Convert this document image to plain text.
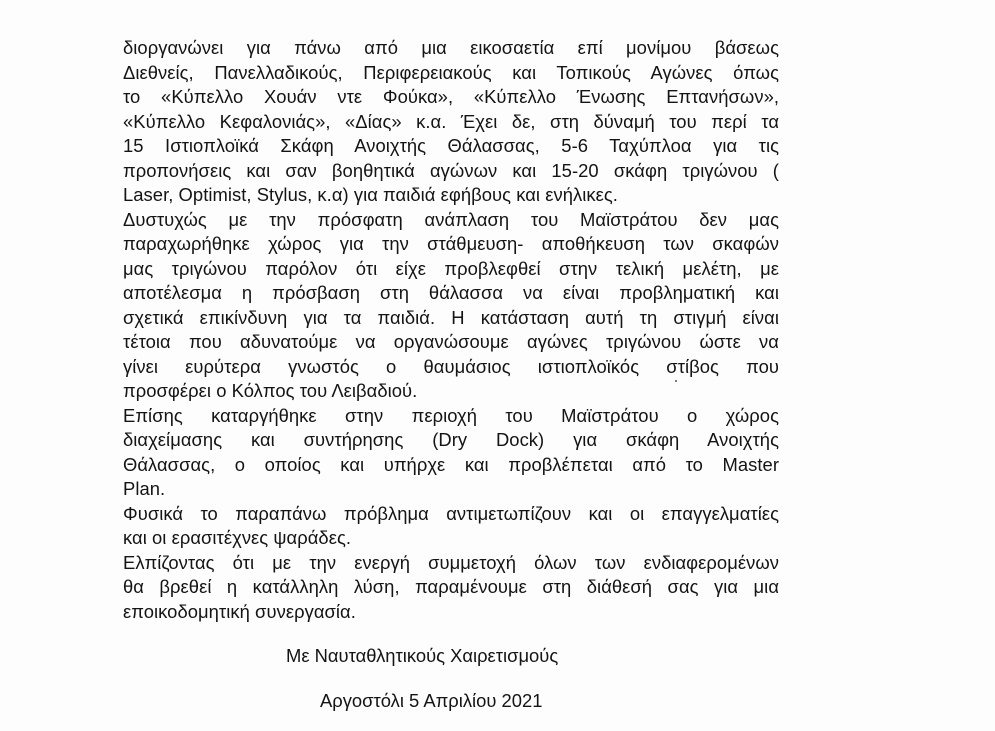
διοργανώνει για πάνω από μια εικοσαετία επί μονίμου βάσεως
Διεθνείς, Πανελλαδικούς, Περιφερειακούς και Τοπικούς Αγώνες όπως
το «Κύπελλο Χουάν ντε Φούκα», «Κύπελλο Ένωσης Επτανήσων»,
«Κύπελλο Κεφαλονιάς», «Δίας» κ.α. Έχει δε, στη δύναμή του περί τα
15 Ιστιοπλοϊκά Σκάφη Ανοιχτής Θάλασσας, 5-6 Ταχύπλοα για τις
προπονήσεις και σαν βοηθητικά αγώνων και 15-20 σκάφη τριγώνου (
Laser, Optimist, Stylus, κ.α) για παιδιά εφήβους και ενήλικες.
Δυστυχώς με την πρόσφατη ανάπλαση του Μαϊστράτου δεν μας
παραχωρήθηκε χώρος για την στάθμευση- αποθήκευση των σκαφών
μας τριγώνου παρόλον ότι είχε προβλεφθεί στην τελική μελέτη, με
αποτέλεσμα η πρόσβαση στη θάλασσα να είναι προβληματική και
σχετικά επικίνδυνη για τα παιδιά. Η κατάσταση αυτή τη στιγμή είναι
τέτοια που αδυνατούμε να οργανώσουμε αγώνες τριγώνου ώστε να
γίνει ευρύτερα γνωστός ο θαυμάσιος ιστιοπλοϊκός στίβος που
προσφέρει ο Κόλπος του Λειβαδιού.
Επίσης καταργήθηκε στην περιοχή του Μαϊστράτου ο χώρος
διαχείμασης και συντήρησης (Dry Dock) για σκάφη Ανοιχτής
Θάλασσας, ο οποίος και υπήρχε και προβλέπεται από το Master
Plan.
Φυσικά το παραπάνω πρόβλημα αντιμετωπίζουν και οι επαγγελματίες
και οι ερασιτέχνες ψαράδες.
Ελπίζοντας ότι με την ενεργή συμμετοχή όλων των ενδιαφερομένων
θα βρεθεί η κατάλληλη λύση, παραμένουμε στη διάθεσή σας για μια
εποικοδομητική συνεργασία.
Με Ναυταθλητικούς Χαιρετισμούς
Αργοστόλι 5 Απριλίου 2021
